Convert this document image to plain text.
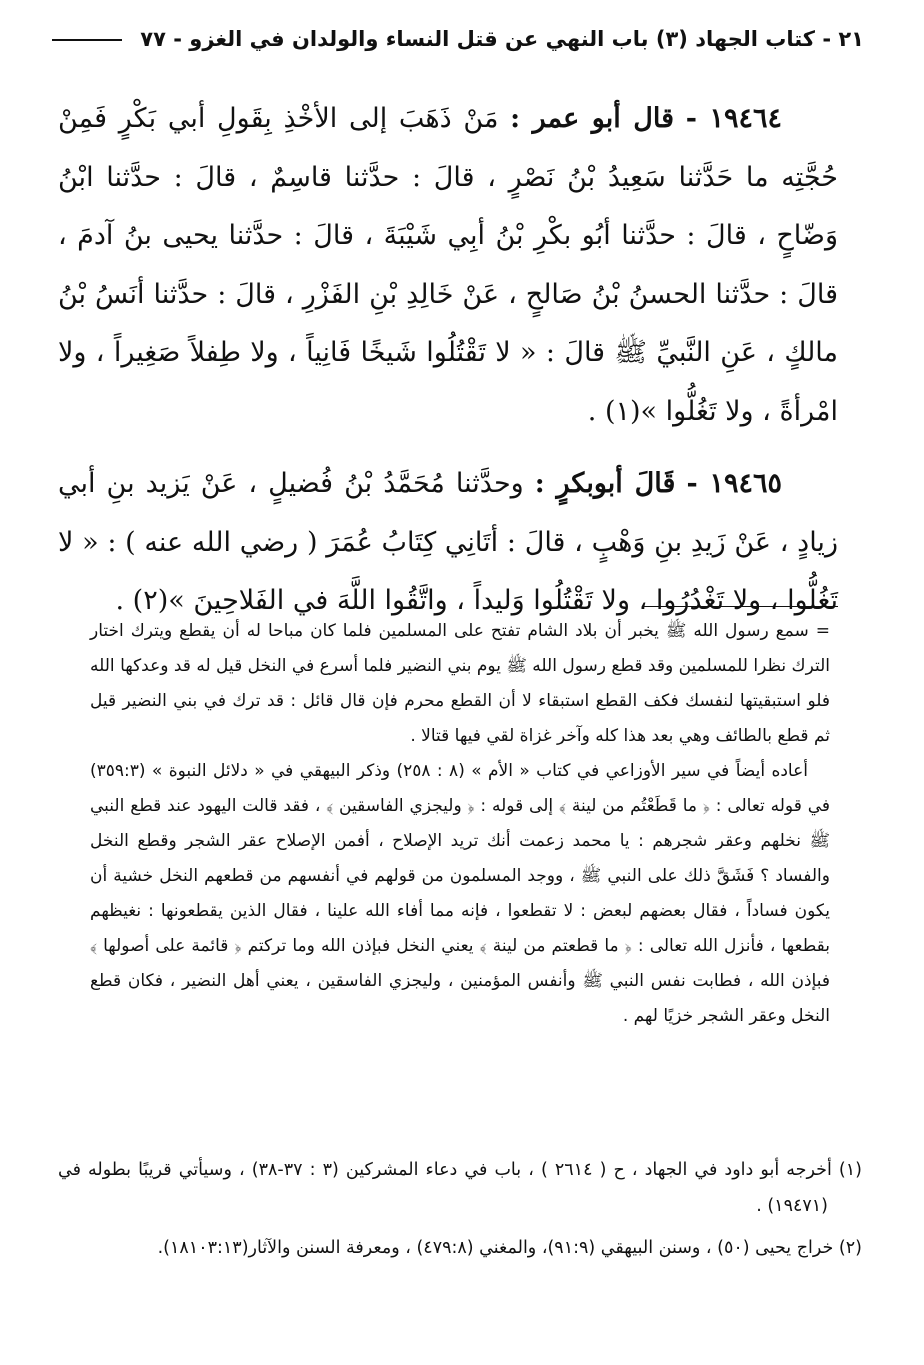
٢١ - كتاب الجهاد (٣) باب النهي عن قتل النساء والولدان في الغزو - ٧٧

١٩٤٦٤ - قال أبو عمر : مَنْ ذَهَبَ إلى الأخْذِ بِقَولِ أبي بَكْرٍ فَمِنْ حُجَّتِه ما حَدَّثنا سَعِيدُ بْنُ نَصْرٍ ، قالَ : حدَّثنا قاسِمٌ ، قالَ : حدَّثنا ابْنُ وَضّاحٍ ، قالَ : حدَّثنا أبُو بكْرِ بْنُ أبِي شَيْبَةَ ، قالَ : حدَّثنا يحيى بنُ آدمَ ، قالَ : حدَّثنا الحسنُ بْنُ صَالحٍ ، عَنْ خَالِدِ بْنِ الفَزْرِ ، قالَ : حدَّثنا أنَسُ بْنُ مالكٍ ، عَنِ النَّبيِّ ﷺ قالَ : « لا تَقْتُلُوا شَيخًا فَانِياً ، ولا طِفلاً صَغِيراً ، ولا امْرأةً ، ولا تَغُلُّوا »(١) .

١٩٤٦٥ - قَالَ أبوبكرٍ : وحدَّثنا مُحَمَّدُ بْنُ فُضيلٍ ، عَنْ يَزيد بنِ أبي زيادٍ ، عَنْ زَيدِ بنِ وَهْبٍ ، قالَ : أتَانِي كِتَابُ عُمَرَ ( رضي الله عنه ) : « لا تَغُلُّوا ، ولا تَغْدُرُوا ، ولا تَقْتُلُوا وَليداً ، واتَّقُوا اللَّهَ في الفَلاحِينَ »(٢) .

= سمع رسول الله ﷺ يخبر أن بلاد الشام تفتح على المسلمين فلما كان مباحا له أن يقطع ويترك اختار الترك نظرا للمسلمين وقد قطع رسول الله ﷺ يوم بني النضير فلما أسرع في النخل قيل له قد وعدكها الله فلو استبقيتها لنفسك فكف القطع استبقاء لا أن القطع محرم فإن قال قائل : قد ترك في بني النضير قيل ثم قطع بالطائف وهي بعد هذا كله وآخر غزاة لقي فيها قتالا .

أعاده أيضاً في سير الأوزاعي في كتاب « الأم » (٨ : ٢٥٨) وذكر البيهقي في « دلائل النبوة » (٣٥٩:٣) في قوله تعالى : ﴿ ما قَطَعْتُم من لينة ﴾ إلى قوله : ﴿ وليجزي الفاسقين ﴾ ، فقد قالت اليهود عند قطع النبي ﷺ نخلهم وعقر شجرهم : يا محمد زعمت أنك تريد الإصلاح ، أفمن الإصلاح عقر الشجر وقطع النخل والفساد ؟ فَشَقَّ ذلك على النبي ﷺ ، ووجد المسلمون من قولهم في أنفسهم من قطعهم النخل خشية أن يكون فساداً ، فقال بعضهم لبعض : لا تقطعوا ، فإنه مما أفاء الله علينا ، فقال الذين يقطعونها : نغيظهم بقطعها ، فأنزل الله تعالى : ﴿ ما قطعتم من لينة ﴾ يعني النخل فبإذن الله وما تركتم ﴿ قائمة على أصولها ﴾ فبإذن الله ، فطابت نفس النبي ﷺ وأنفس المؤمنين ، وليجزي الفاسقين ، يعني أهل النضير ، فكان قطع النخل وعقر الشجر خزيًا لهم .

(١) أخرجه أبو داود في الجهاد ، ح ( ٢٦١٤ ) ، باب في دعاء المشركين (٣ : ٣٧-٣٨) ، وسيأتي قريبًا بطوله في (١٩٤٧١) .

(٢) خراج يحيى (٥٠) ، وسنن البيهقي (٩١:٩)، والمغني (٤٧٩:٨) ، ومعرفة السنن والآثار(١٨١٠٣:١٣).
